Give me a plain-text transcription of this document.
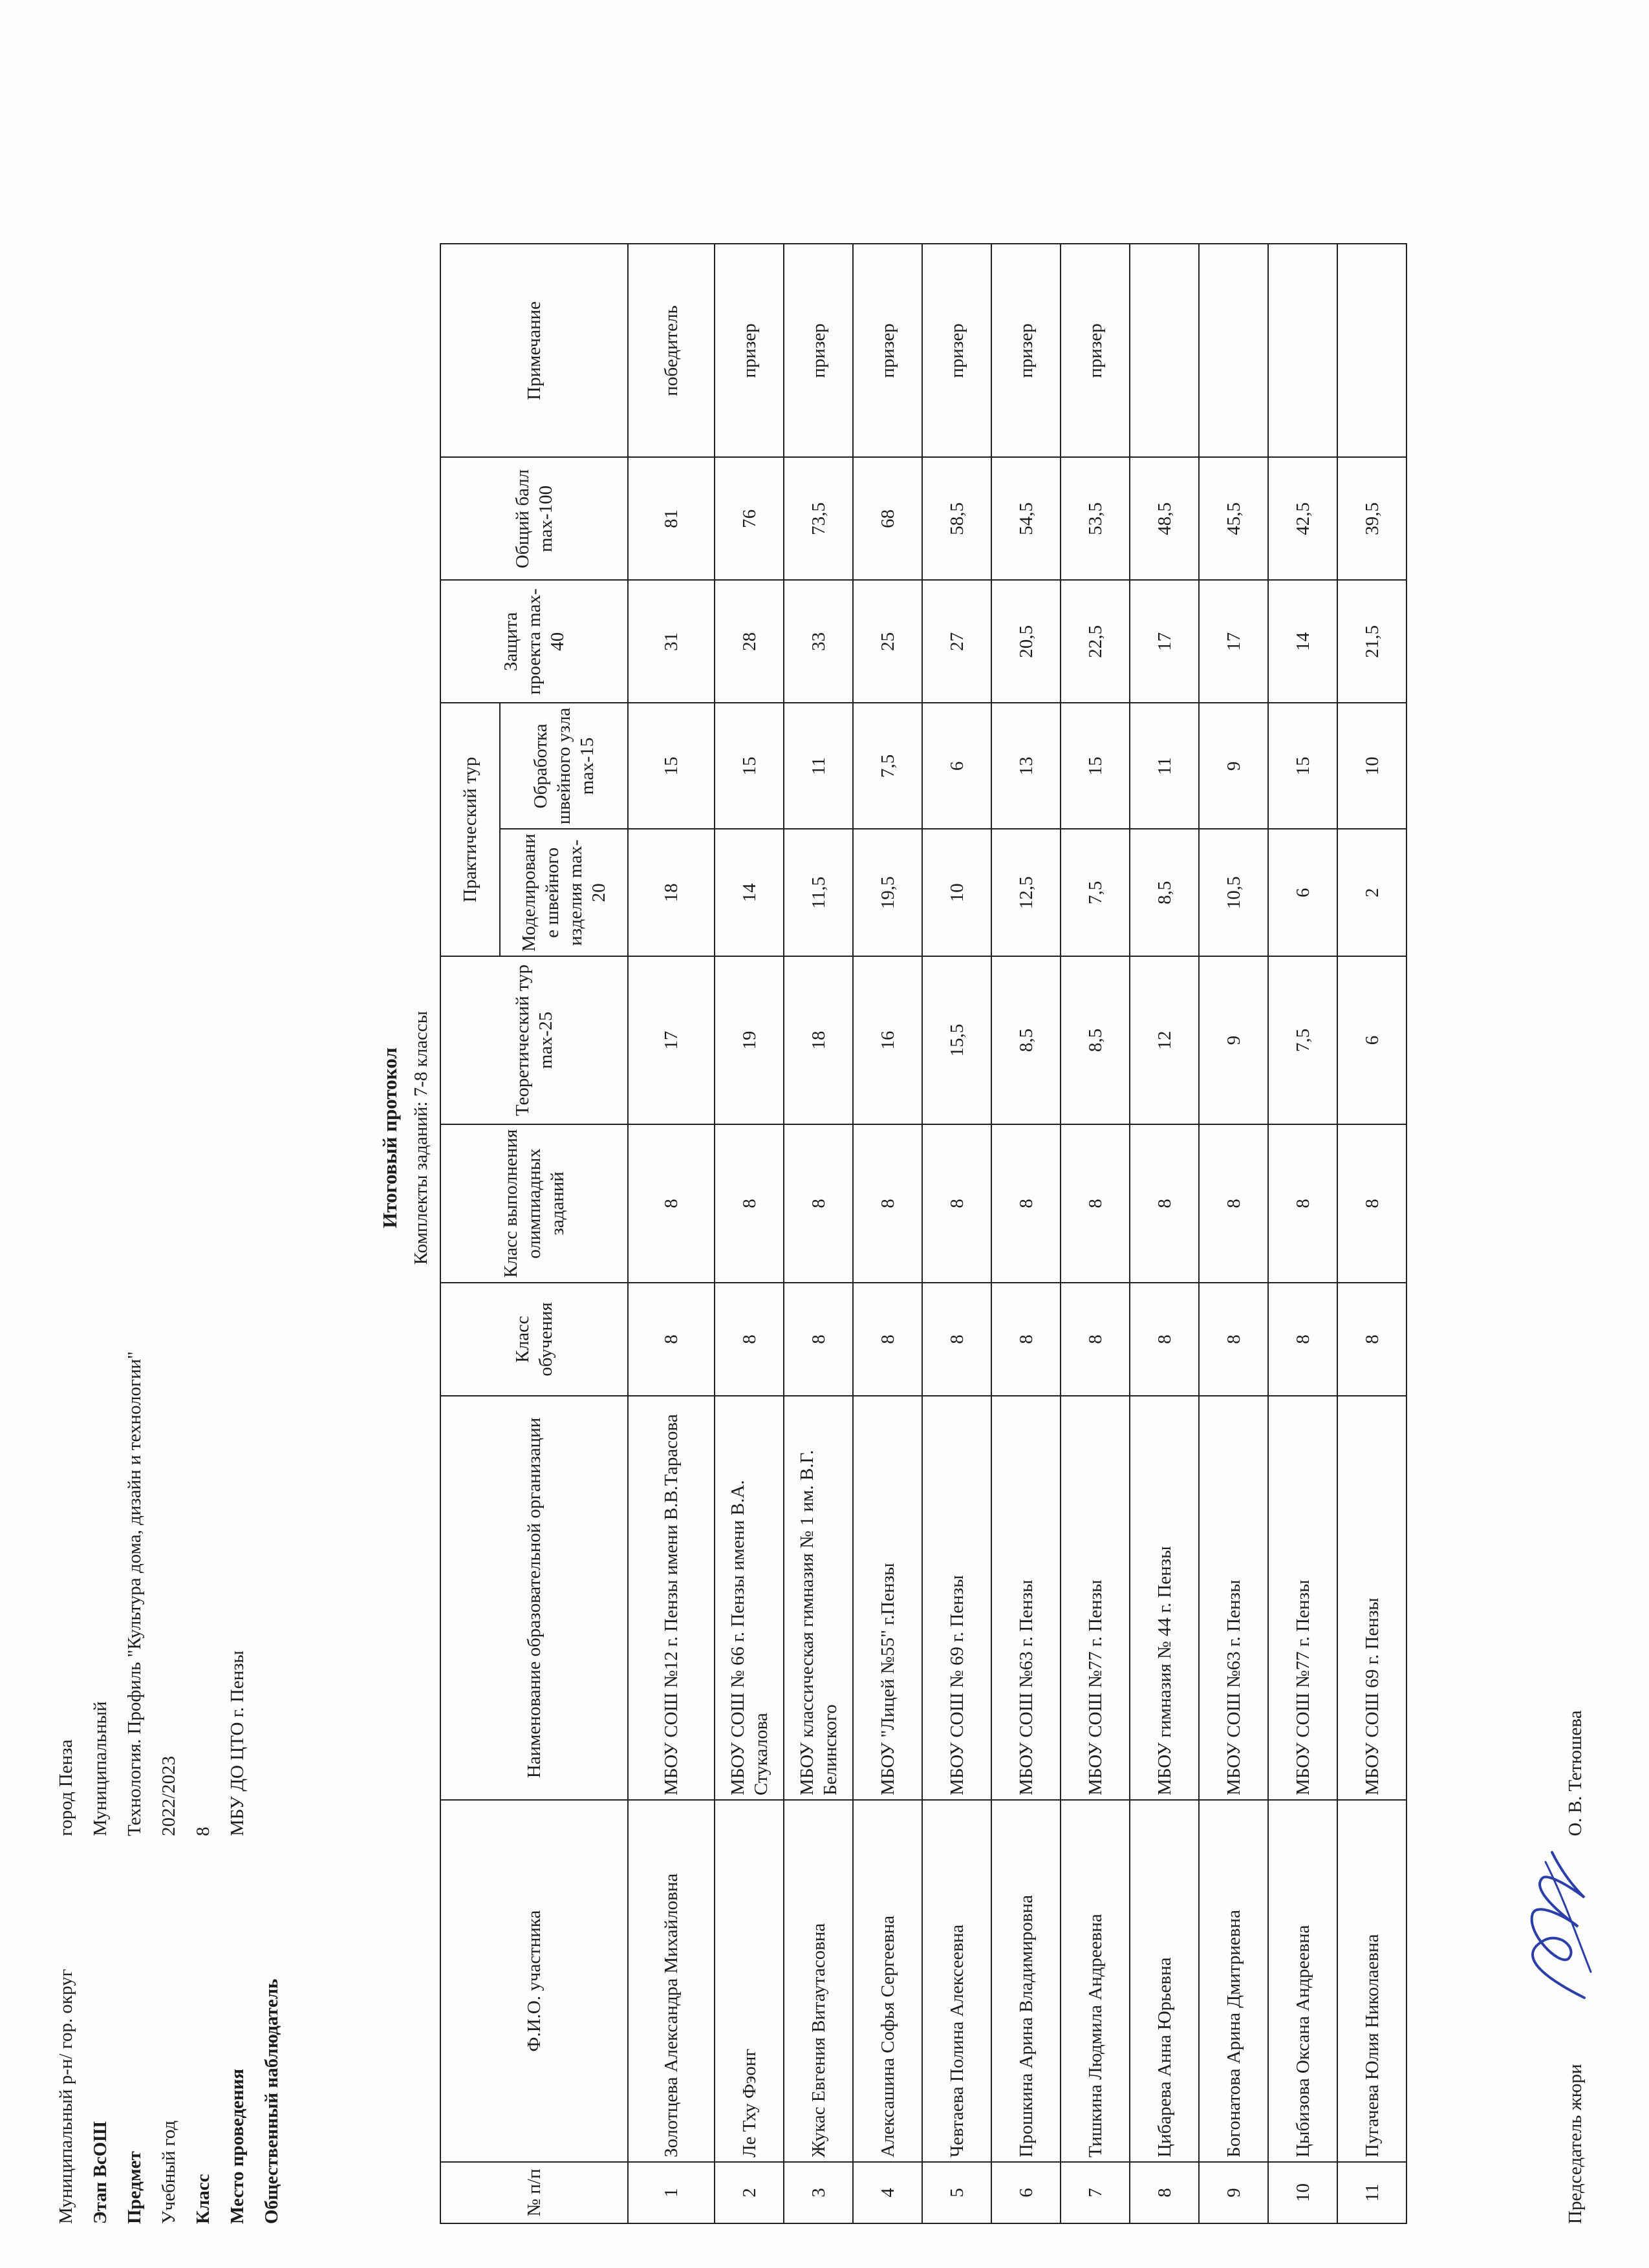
Муниципальный р-н/ гор. округ
город Пенза
Этап ВсОШ
Муниципальный
Предмет
Технология. Профиль "Культура дома, дизайн и технологии"
Учебный год
2022/2023
Класс
8
Место проведения
МБУ ДО ЦТО г. Пензы
Общественный наблюдатель
Итоговый протокол Комплекты заданий: 7-8 классы
№ п/п	Ф.И.О. участника	Наименование образовательной организации	Класс обучения	Класс выполнения олимпиадных заданий	Теоретический тур max-25	Практический тур		Защита проекта max-40	Общий балл max-100	Примечание
						Моделировани е швейного изделия max-20	Обработка швейного узла max-15			
1	Золотцева Александра Михайловна	МБОУ СОШ №12 г. Пензы имени В.В.Тарасова	8	8	17	18	15	31	81	победитель
2	Ле Тху Фэонг	МБОУ СОШ № 66 г. Пензы имени В.А. Стукалова	8	8	19	14	15	28	76	призер
3	Жукас Евгения Витаутасовна	МБОУ классическая гимназия № 1 им. В.Г. Белинского	8	8	18	11,5	11	33	73,5	призер
4	Алексашина Софья Сергеевна	МБОУ "Лицей №55" г.Пензы	8	8	16	19,5	7,5	25	68	призер
5	Чевтаева Полина Алексеевна	МБОУ СОШ № 69 г. Пензы	8	8	15,5	10	6	27	58,5	призер
6	Прошкина Арина Владимировна	МБОУ СОШ №63 г. Пензы	8	8	8,5	12,5	13	20,5	54,5	призер
7	Тишкина Людмила Андреевна	МБОУ СОШ №77 г. Пензы	8	8	8,5	7,5	15	22,5	53,5	призер
8	Цибарева Анна Юрьевна	МБОУ гимназия № 44 г. Пензы	8	8	12	8,5	11	17	48,5	
9	Богонатова Арина Дмитриевна	МБОУ СОШ №63 г. Пензы	8	8	9	10,5	9	17	45,5	
10	Цыбизова Оксана Андреевна	МБОУ СОШ №77 г. Пензы	8	8	7,5	6	15	14	42,5	
11	Пугачева Юлия Николаевна	МБОУ СОШ 69 г. Пензы	8	8	6	2	10	21,5	39,5	
Председатель жюри
О. В. Тетюшева
